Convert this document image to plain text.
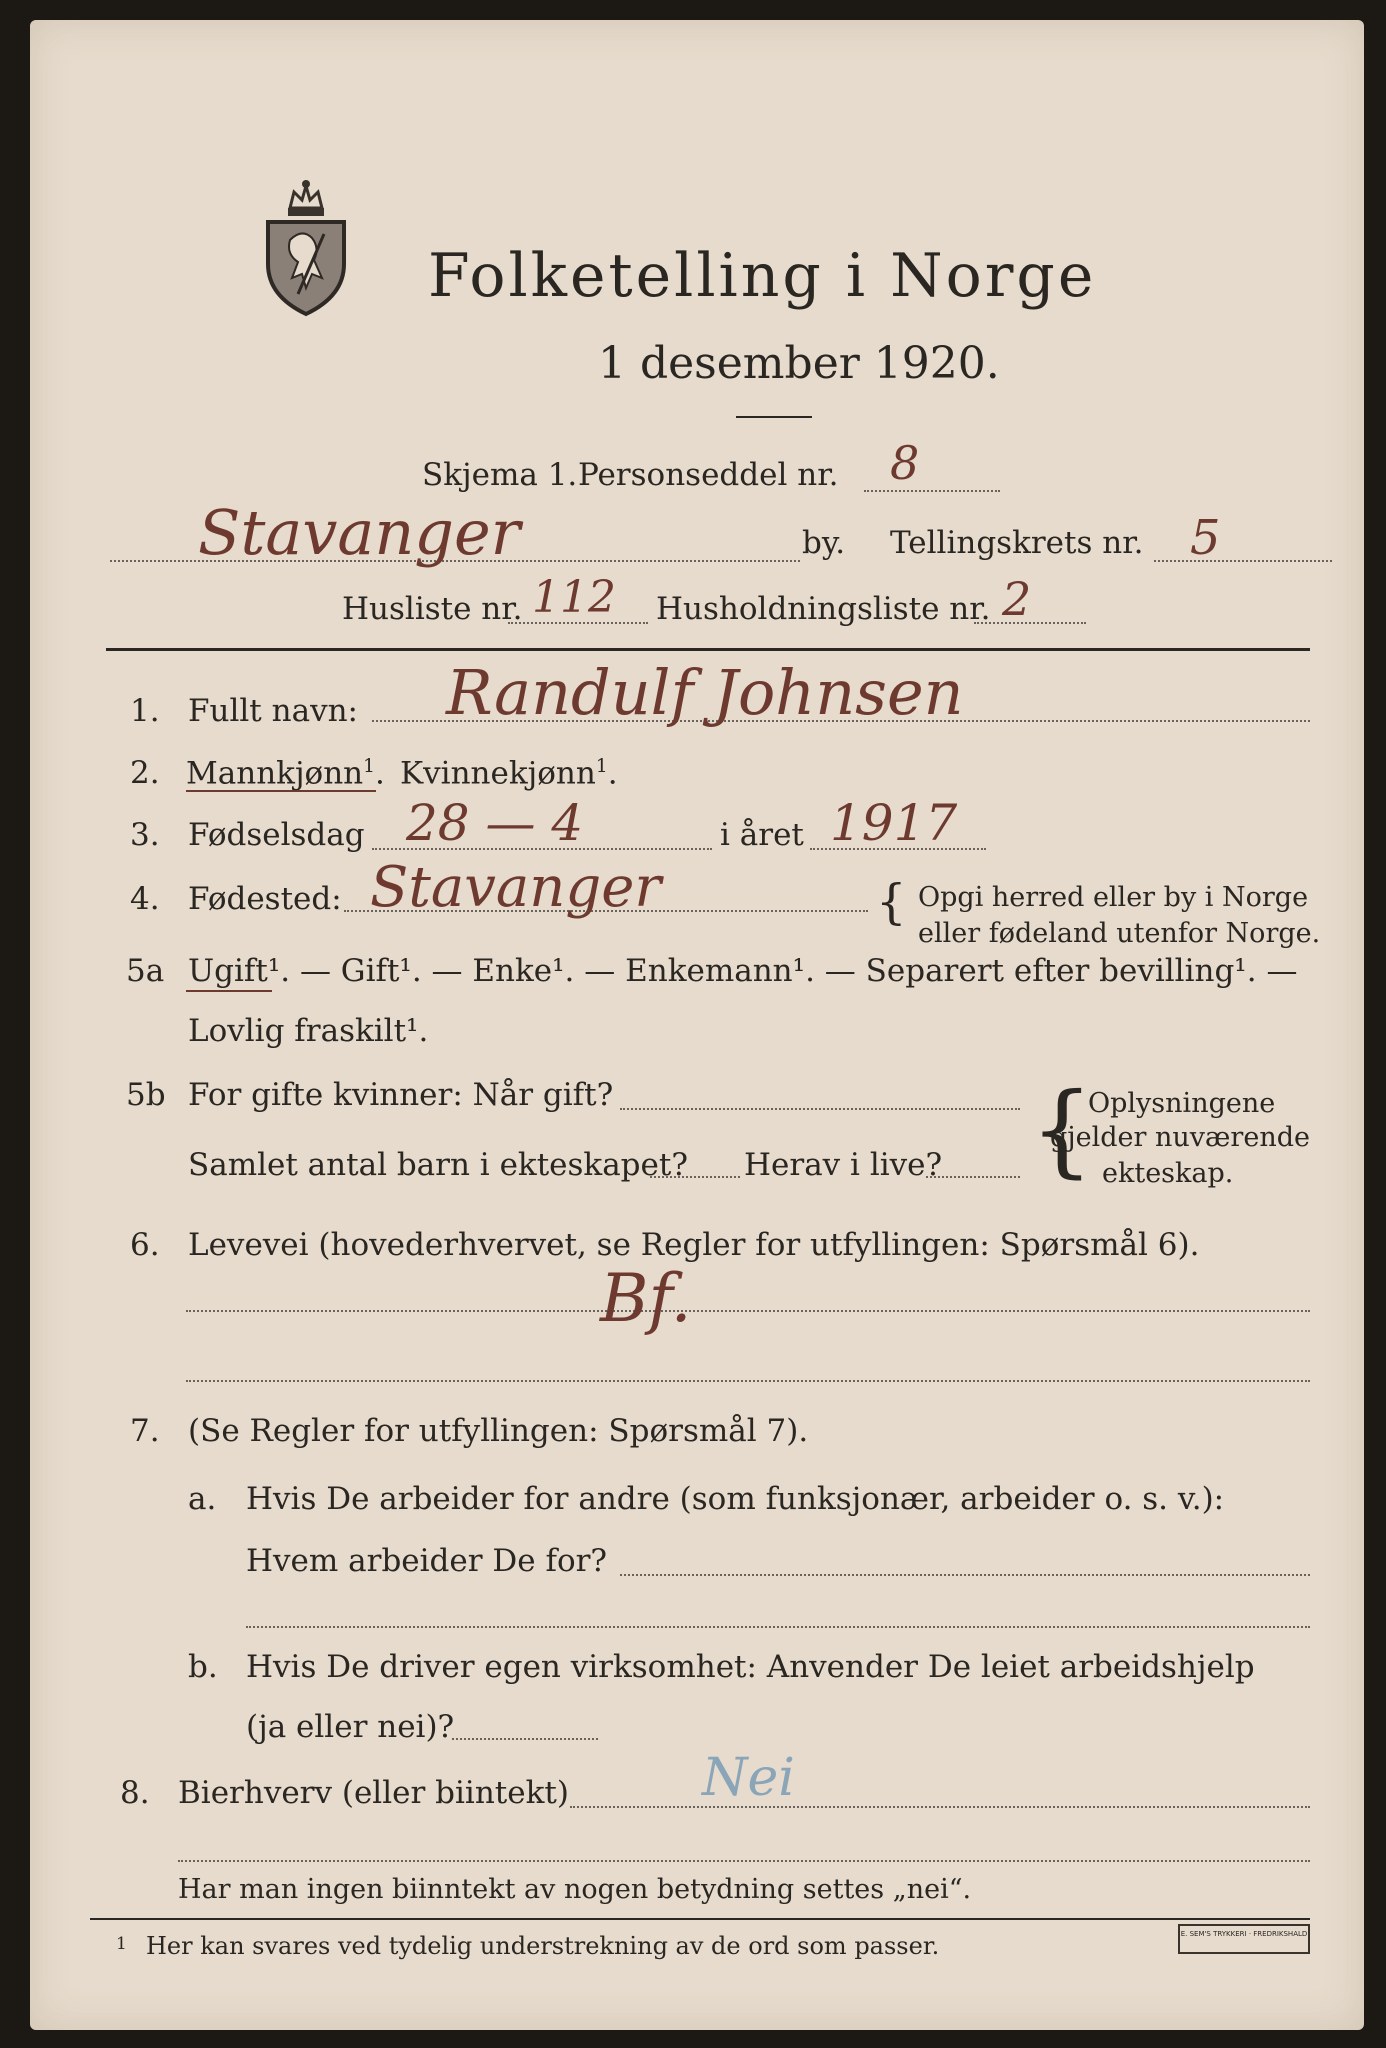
Folketelling i Norge
1 desember 1920.
Skjema 1. Personseddel nr. 8
Stavanger	by. Tellingskrets nr. 5
Husliste nr. 112 Husholdningsliste nr. 2
1. Fullt navn: Randulf Johnsen
2. Mannkjønn$^1$. Kvinnekjønn$^1$.
3. Fødselsdag 28 — 4	i året 1917
4. Fødested: Stavanger	{ Opgi herred eller by i Norge
eller fødeland utenfor Norge.
5a Ugift¹. — Gift¹. — Enke¹. — Enkemann¹. — Separert efter bevilling¹. —
Lovlig fraskilt¹.
5b For gifte kvinner: Når gift?
Samlet antal barn i ekteskapet? Herav i live? {
Oplysningene
gjelder nuværende
ekteskap.
6. Levevei (hovederhvervet, se Regler for utfyllingen: Spørsmål 6).
Bf.
7. (Se Regler for utfyllingen: Spørsmål 7).
a. Hvis De arbeider for andre (som funksjonær, arbeider o. s. v.):
Hvem arbeider De for?
b. Hvis De driver egen virksomhet: Anvender De leiet arbeidshjelp
(ja eller nei)?
8. Bierhverv (eller biintekt)	Nei
Har man ingen biinntekt av nogen betydning settes „nei“.
1 Her kan svares ved tydelig understrekning av de ord som passer.	E. SEM'S TRYKKERI · FREDRIKSHALD
